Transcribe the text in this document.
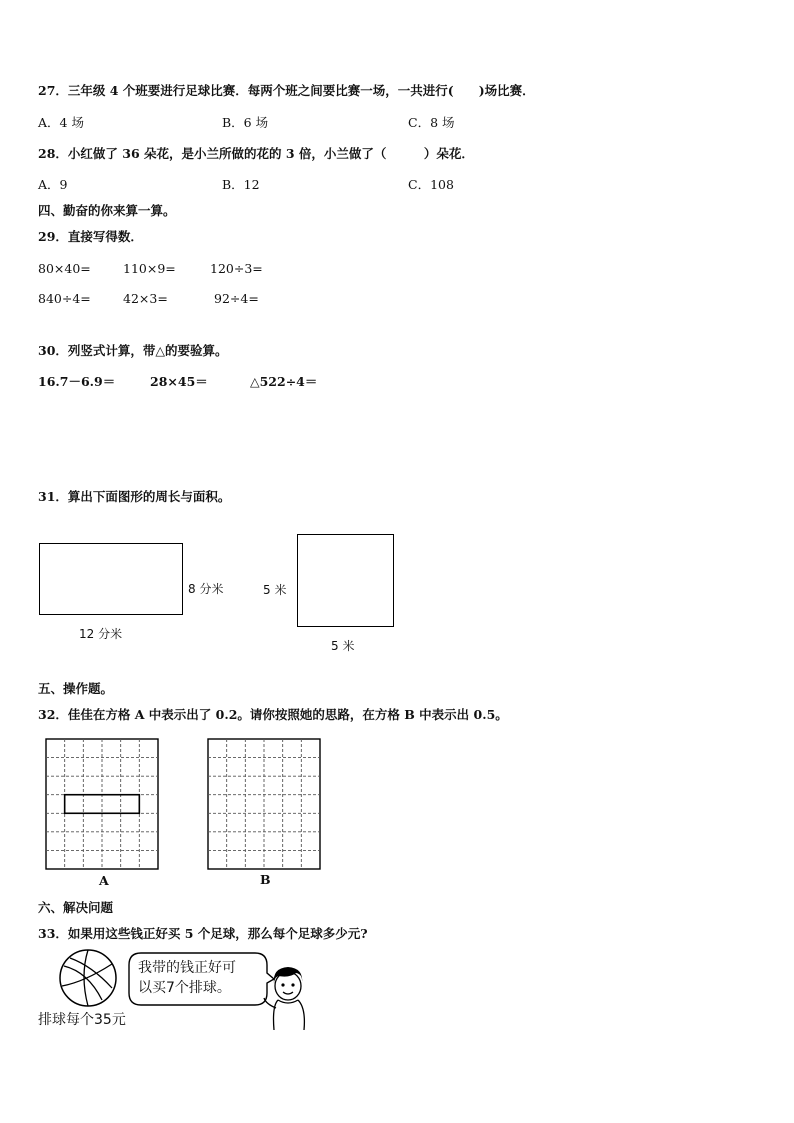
27．三年级 4 个班要进行足球比赛．每两个班之间要比赛一场，一共进行(　　)场比赛．
A．4 场	B．6 场	C．8 场
28．小红做了 36 朵花，是小兰所做的花的 3 倍，小兰做了（　　　）朵花．
A．9	B．12	C．108
四、勤奋的你来算一算。
29．直接写得数．
80×40=	110×9=	120÷3=
840÷4=	42×3=	92÷4=
30．列竖式计算，带△的要验算。
16.7－6.9＝	28×45＝	△522÷4＝
31．算出下面图形的周长与面积。
8 分米
12 分米
5 米
5 米
五、操作题。
32．佳佳在方格 A 中表示出了 0.2。请你按照她的思路，在方格 B 中表示出 0.5。
A	B
六、解决问题
33．如果用这些钱正好买 5 个足球，那么每个足球多少元?
排球每个35元
我带的钱正好可
以买7个排球。
